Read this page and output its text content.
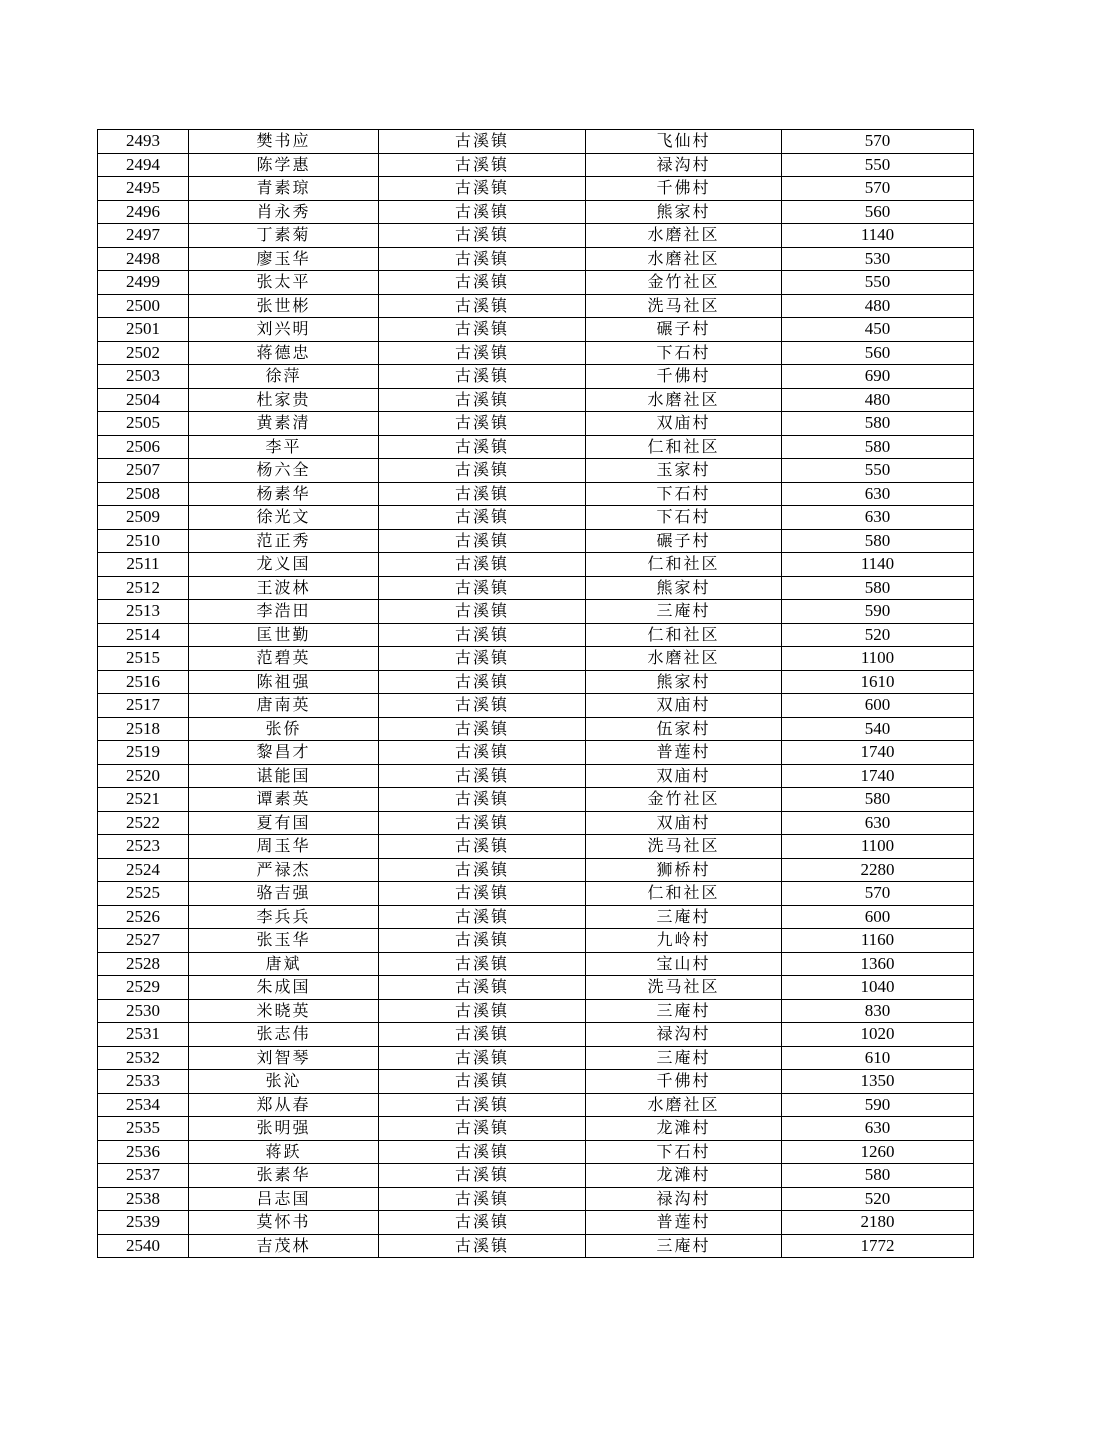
2493	樊书应	古溪镇	飞仙村	570
2494	陈学惠	古溪镇	禄沟村	550
2495	青素琼	古溪镇	千佛村	570
2496	肖永秀	古溪镇	熊家村	560
2497	丁素菊	古溪镇	水磨社区	1140
2498	廖玉华	古溪镇	水磨社区	530
2499	张太平	古溪镇	金竹社区	550
2500	张世彬	古溪镇	洗马社区	480
2501	刘兴明	古溪镇	碾子村	450
2502	蒋德忠	古溪镇	下石村	560
2503	徐萍	古溪镇	千佛村	690
2504	杜家贵	古溪镇	水磨社区	480
2505	黄素清	古溪镇	双庙村	580
2506	李平	古溪镇	仁和社区	580
2507	杨六全	古溪镇	玉家村	550
2508	杨素华	古溪镇	下石村	630
2509	徐光文	古溪镇	下石村	630
2510	范正秀	古溪镇	碾子村	580
2511	龙义国	古溪镇	仁和社区	1140
2512	王波林	古溪镇	熊家村	580
2513	李浩田	古溪镇	三庵村	590
2514	匡世勤	古溪镇	仁和社区	520
2515	范碧英	古溪镇	水磨社区	1100
2516	陈祖强	古溪镇	熊家村	1610
2517	唐南英	古溪镇	双庙村	600
2518	张侨	古溪镇	伍家村	540
2519	黎昌才	古溪镇	普莲村	1740
2520	谌能国	古溪镇	双庙村	1740
2521	谭素英	古溪镇	金竹社区	580
2522	夏有国	古溪镇	双庙村	630
2523	周玉华	古溪镇	洗马社区	1100
2524	严禄杰	古溪镇	狮桥村	2280
2525	骆吉强	古溪镇	仁和社区	570
2526	李兵兵	古溪镇	三庵村	600
2527	张玉华	古溪镇	九岭村	1160
2528	唐斌	古溪镇	宝山村	1360
2529	朱成国	古溪镇	洗马社区	1040
2530	米晓英	古溪镇	三庵村	830
2531	张志伟	古溪镇	禄沟村	1020
2532	刘智琴	古溪镇	三庵村	610
2533	张沁	古溪镇	千佛村	1350
2534	郑从春	古溪镇	水磨社区	590
2535	张明强	古溪镇	龙滩村	630
2536	蒋跃	古溪镇	下石村	1260
2537	张素华	古溪镇	龙滩村	580
2538	吕志国	古溪镇	禄沟村	520
2539	莫怀书	古溪镇	普莲村	2180
2540	吉茂林	古溪镇	三庵村	1772
